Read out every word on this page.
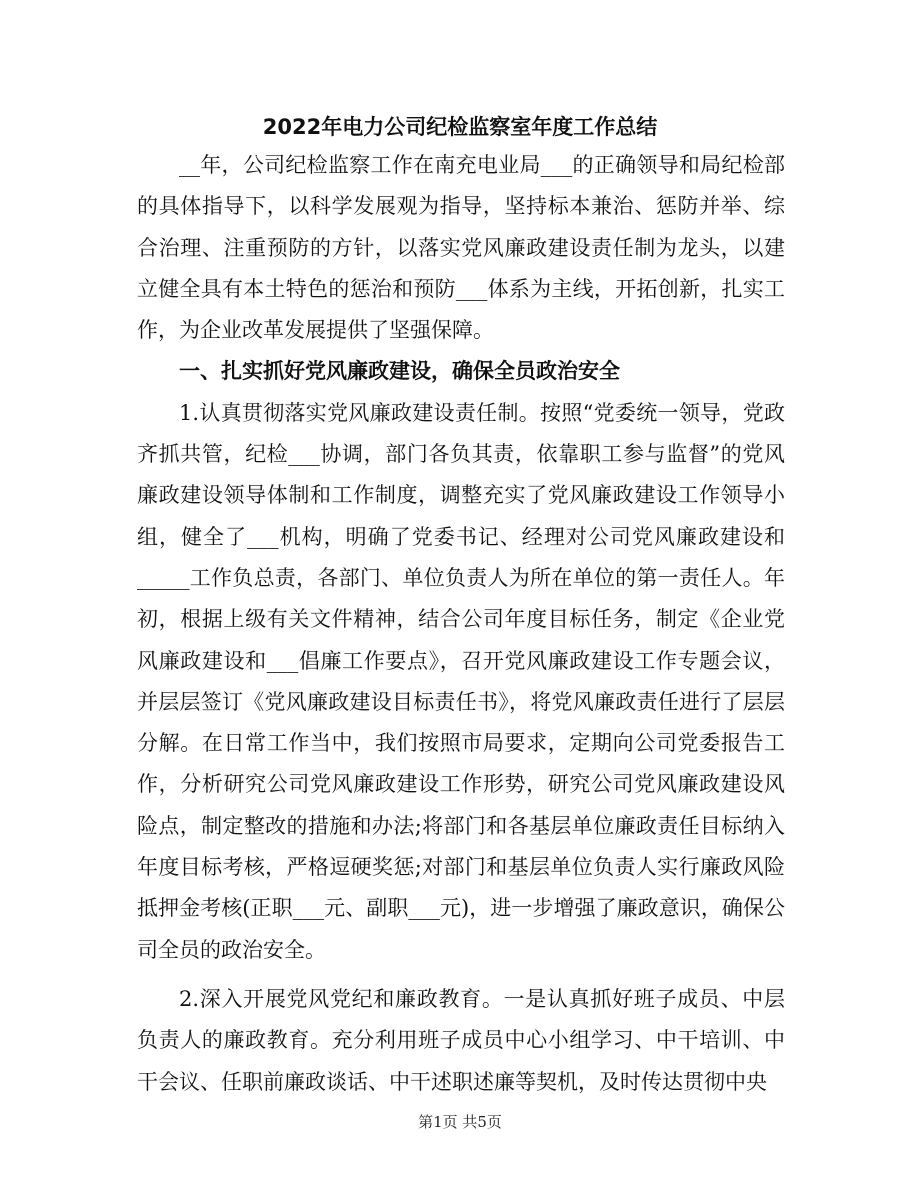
2022年电力公司纪检监察室年度工作总结

__年，公司纪检监察工作在南充电业局___的正确领导和局纪检部的具体指导下，以科学发展观为指导，坚持标本兼治、惩防并举、综合治理、注重预防的方针，以落实党风廉政建设责任制为龙头，以建立健全具有本土特色的惩治和预防___体系为主线，开拓创新，扎实工作，为企业改革发展提供了坚强保障。

一、扎实抓好党风廉政建设，确保全员政治安全

1.认真贯彻落实党风廉政建设责任制。按照“党委统一领导，党政齐抓共管，纪检___协调，部门各负其责，依靠职工参与监督”的党风廉政建设领导体制和工作制度，调整充实了党风廉政建设工作领导小组，健全了___机构，明确了党委书记、经理对公司党风廉政建设和_____工作负总责，各部门、单位负责人为所在单位的第一责任人。年初，根据上级有关文件精神，结合公司年度目标任务，制定《企业党风廉政建设和___倡廉工作要点》，召开党风廉政建设工作专题会议，并层层签订《党风廉政建设目标责任书》，将党风廉政责任进行了层层分解。在日常工作当中，我们按照市局要求，定期向公司党委报告工作，分析研究公司党风廉政建设工作形势，研究公司党风廉政建设风险点，制定整改的措施和办法;将部门和各基层单位廉政责任目标纳入年度目标考核，严格逗硬奖惩;对部门和基层单位负责人实行廉政风险抵押金考核(正职___元、副职___元)，进一步增强了廉政意识，确保公司全员的政治安全。

2.深入开展党风党纪和廉政教育。一是认真抓好班子成员、中层负责人的廉政教育。充分利用班子成员中心小组学习、中干培训、中干会议、任职前廉政谈话、中干述职述廉等契机，及时传达贯彻中央

第1页 共5页
